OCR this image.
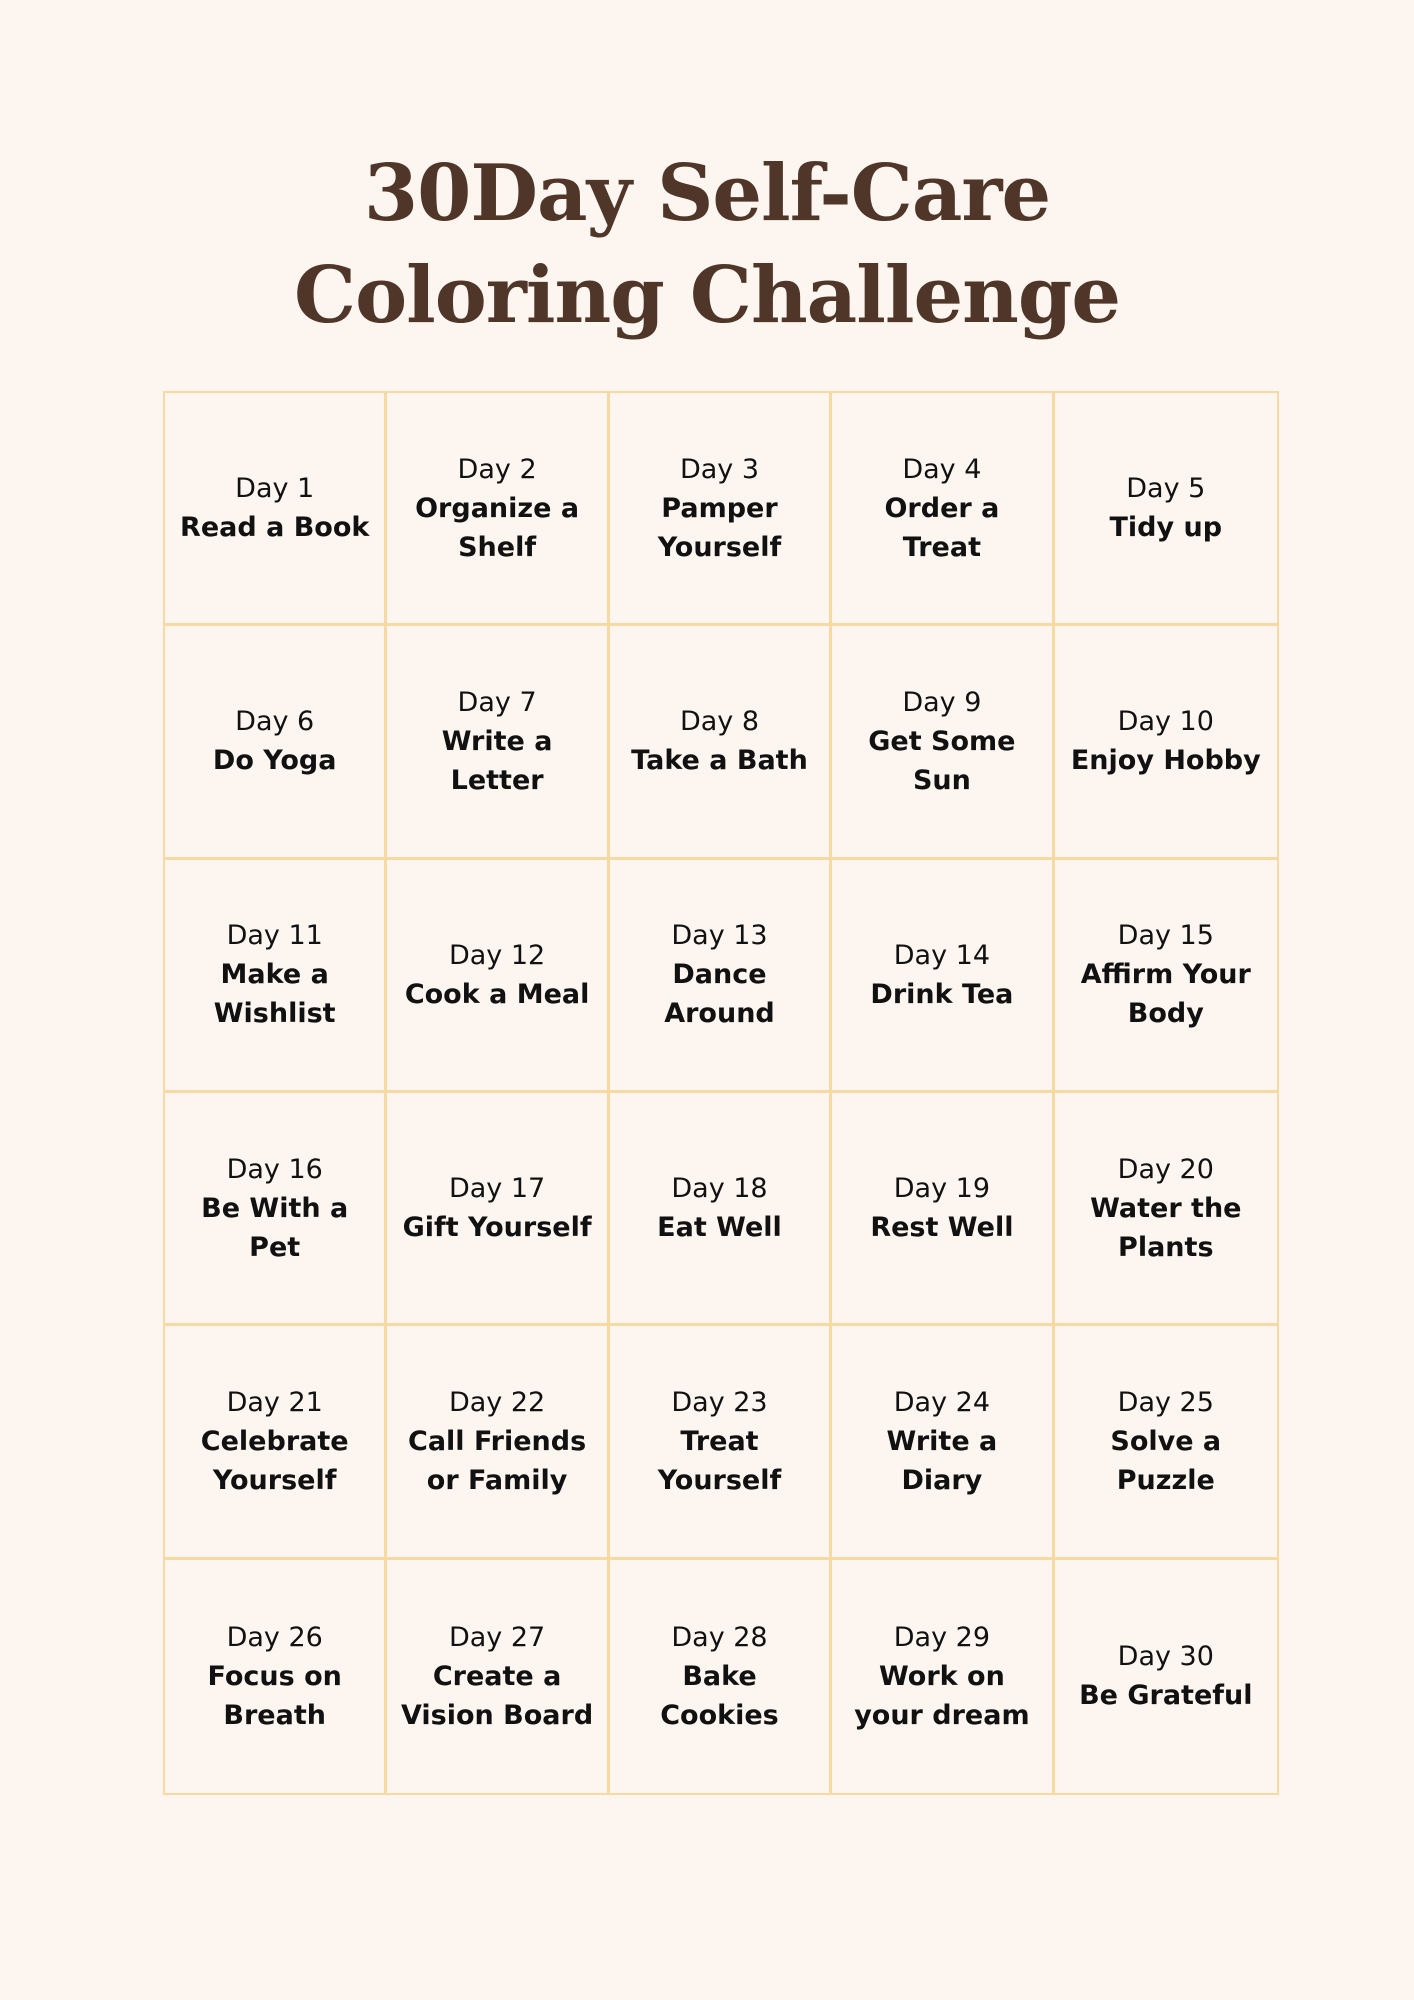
30Day Self-Care
Coloring Challenge
Day 1
Read a Book
Day 2
Organize a Shelf
Day 3
Pamper Yourself
Day 4
Order a Treat
Day 5
Tidy up
Day 6
Do Yoga
Day 7
Write a Letter
Day 8
Take a Bath
Day 9
Get Some Sun
Day 10
Enjoy Hobby
Day 11
Make a Wishlist
Day 12
Cook a Meal
Day 13
Dance Around
Day 14
Drink Tea
Day 15
Affirm Your Body
Day 16
Be With a Pet
Day 17
Gift Yourself
Day 18
Eat Well
Day 19
Rest Well
Day 20
Water the Plants
Day 21
Celebrate Yourself
Day 22
Call Friends or Family
Day 23
Treat Yourself
Day 24
Write a Diary
Day 25
Solve a Puzzle
Day 26
Focus on Breath
Day 27
Create a Vision Board
Day 28
Bake Cookies
Day 29
Work on your dream
Day 30
Be Grateful
